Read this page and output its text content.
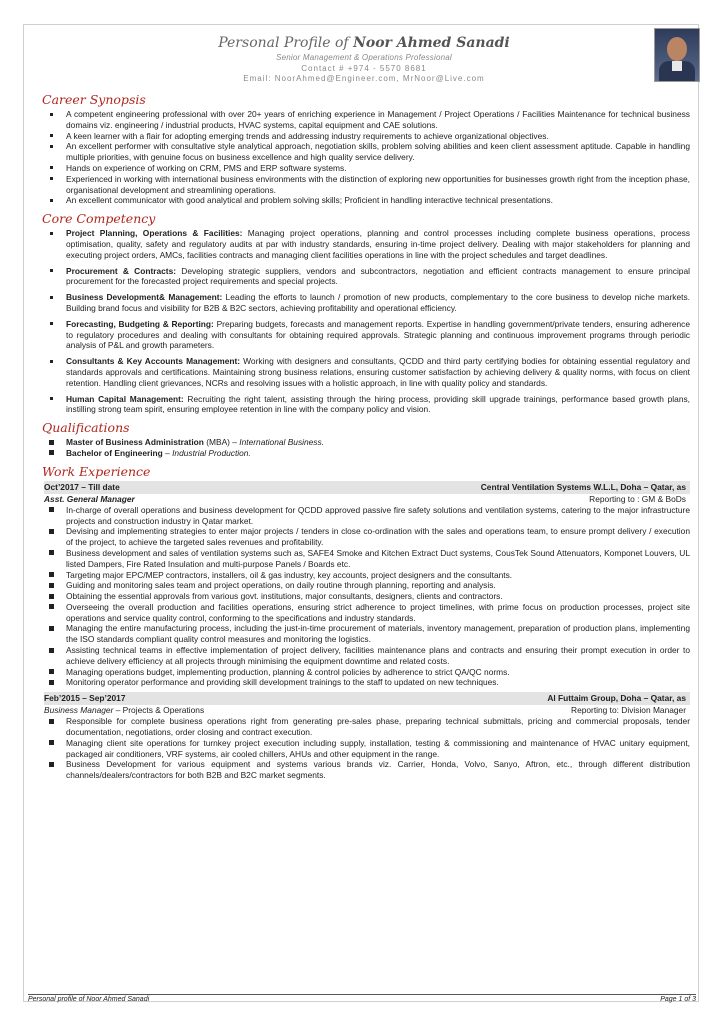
Personal Profile of Noor Ahmed Sanadi
Senior Management & Operations Professional
Contact # +974 - 5570 8681
Email: NoorAhmed@Engineer.com, MrNoor@Live.com
Career Synopsis
A competent engineering professional with over 20+ years of enriching experience in Management / Project Operations / Facilities Maintenance for technical business domains viz. engineering / industrial products, HVAC systems, capital equipment and CAE solutions.
A keen learner with a flair for adopting emerging trends and addressing industry requirements to achieve organizational objectives.
An excellent performer with consultative style analytical approach, negotiation skills, problem solving abilities and keen client assessment aptitude. Capable in handling multiple priorities, with genuine focus on business excellence and high quality service delivery.
Hands on experience of working on CRM, PMS and ERP software systems.
Experienced in working with international business environments with the distinction of exploring new opportunities for businesses growth right from the inception phase, organisational development and streamlining operations.
An excellent communicator with good analytical and problem solving skills; Proficient in handling interactive technical presentations.
Core Competency
Project Planning, Operations & Facilities: Managing project operations, planning and control processes including complete business operations, process optimisation, quality, safety and regulatory audits at par with industry standards, ensuring in-time project delivery. Dealing with major stakeholders for planning and executing project orders, AMCs, facilities contracts and managing client facilities operations in line with the project schedules and target deadlines.
Procurement & Contracts: Developing strategic suppliers, vendors and subcontractors, negotiation and efficient contracts management to ensure principal procurement for the forecasted project requirements and special projects.
Business Development& Management: Leading the efforts to launch / promotion of new products, complementary to the core business to develop niche markets. Building brand focus and visibility for B2B & B2C sectors, achieving profitability and operational efficiency.
Forecasting, Budgeting & Reporting: Preparing budgets, forecasts and management reports. Expertise in handling government/private tenders, ensuring adherence to regulatory procedures and dealing with consultants for obtaining required approvals. Strategic planning and continuous improvement programs through periodic analysis of P&L and growth parameters.
Consultants & Key Accounts Management: Working with designers and consultants, QCDD and third party certifying bodies for obtaining essential regulatory and standards approvals and certifications. Maintaining strong business relations, ensuring customer satisfaction by achieving delivery & quality norms, with focus on client retention. Handling client grievances, NCRs and resolving issues with a holistic approach, in line with quality policy and standards.
Human Capital Management: Recruiting the right talent, assisting through the hiring process, providing skill upgrade trainings, performance based growth plans, instilling strong team spirit, ensuring employee retention in line with the company policy and vision.
Qualifications
Master of Business Administration (MBA) – International Business.
Bachelor of Engineering – Industrial Production.
Work Experience
Oct’2017 – Till date	Central Ventilation Systems W.L.L, Doha – Qatar, as
Asst. General Manager	Reporting to : GM & BoDs
In-charge of overall operations and business development for QCDD approved passive fire safety solutions and ventilation systems, catering to the major infrastructure projects and construction industry in Qatar market.
Devising and implementing strategies to enter major projects / tenders in close co-ordination with the sales and operations team, to ensure prompt delivery / execution of the project, to achieve the targeted sales revenues and profitability.
Business development and sales of ventilation systems such as, SAFE4 Smoke and Kitchen Extract Duct systems, CousTek Sound Attenuators, Komponet Louvers, UL listed Dampers, Fire Rated Insulation and multi-purpose Panels / Boards etc.
Targeting major EPC/MEP contractors, installers, oil & gas industry, key accounts, project designers and the consultants.
Guiding and monitoring sales team and project operations, on daily routine through planning, reporting and analysis.
Obtaining the essential approvals from various govt. institutions, major consultants, designers, clients and contractors.
Overseeing the overall production and facilities operations, ensuring strict adherence to project timelines, with prime focus on production processes, project site operations and service quality control, conforming to the specifications and industry standards.
Managing the entire manufacturing process, including the just-in-time procurement of materials, inventory management, preparation of production plans, implementing the ISO standards compliant quality control measures and monitoring the logistics.
Assisting technical teams in effective implementation of project delivery, facilities maintenance plans and contracts and ensuring their prompt execution in order to achieve delivery efficiency at all projects through minimising the equipment downtime and related costs.
Managing operations budget, implementing production, planning & control policies by adherence to strict QA/QC norms.
Monitoring operator performance and providing skill development trainings to the staff to updated on new techniques.
Feb’2015 – Sep’2017	Al Futtaim Group, Doha – Qatar, as
Business Manager – Projects & Operations	Reporting to: Division Manager
Responsible for complete business operations right from generating pre-sales phase, preparing technical submittals, pricing and commercial proposals, tender documentation, negotiations, order closing and contract execution.
Managing client site operations for turnkey project execution including supply, installation, testing & commissioning and maintenance of HVAC unitary equipment, packaged air conditioners, VRF systems, air cooled chillers, AHUs and other equipment in the range.
Business Development for various equipment and systems various brands viz. Carrier, Honda, Volvo, Sanyo, Aftron, etc., through different distribution channels/dealers/contractors for both B2B and B2C market segments.
Personal profile of Noor Ahmed Sanadi	Page 1 of 3
